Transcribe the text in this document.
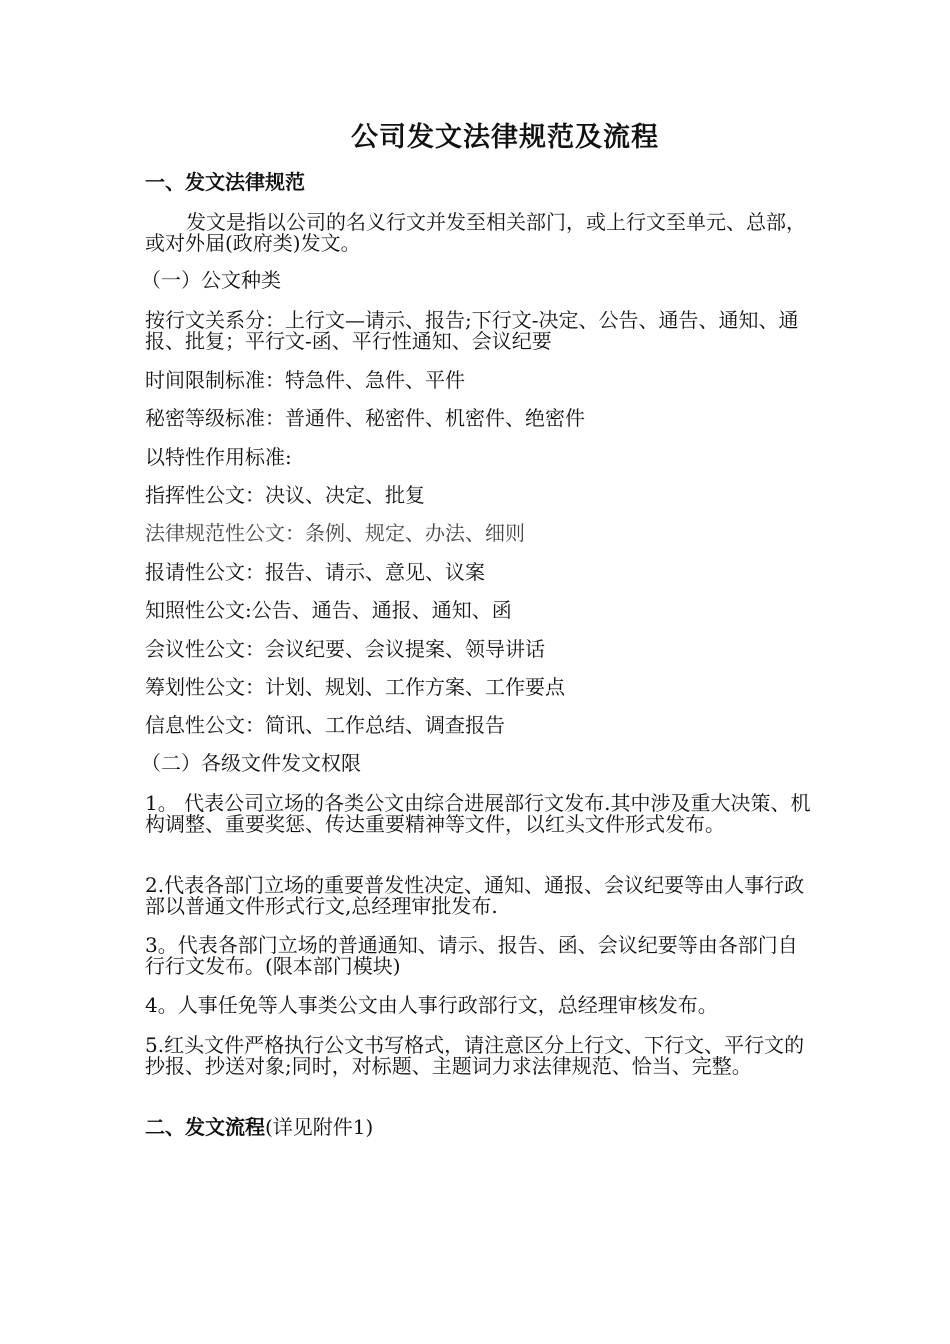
公司发文法律规范及流程

一、发文法律规范

发文是指以公司的名义行文并发至相关部门，或上行文至单元、总部，或对外届(政府类)发文。

（一）公文种类

按行文关系分：上行文—请示、报告;下行文-决定、公告、通告、通知、通报、批复；平行文-函、平行性通知、会议纪要

时间限制标准：特急件、急件、平件

秘密等级标准：普通件、秘密件、机密件、绝密件

以特性作用标准:

指挥性公文：决议、决定、批复

法律规范性公文：条例、规定、办法、细则

报请性公文：报告、请示、意见、议案

知照性公文:公告、通告、通报、通知、函

会议性公文：会议纪要、会议提案、领导讲话

筹划性公文：计划、规划、工作方案、工作要点

信息性公文：简讯、工作总结、调查报告

（二）各级文件发文权限

1。 代表公司立场的各类公文由综合进展部行文发布.其中涉及重大决策、机构调整、重要奖惩、传达重要精神等文件，以红头文件形式发布。

2.代表各部门立场的重要普发性决定、通知、通报、会议纪要等由人事行政部以普通文件形式行文,总经理审批发布.

3。代表各部门立场的普通通知、请示、报告、函、会议纪要等由各部门自行行文发布。(限本部门模块)

4。人事任免等人事类公文由人事行政部行文，总经理审核发布。

5.红头文件严格执行公文书写格式，请注意区分上行文、下行文、平行文的抄报、抄送对象;同时，对标题、主题词力求法律规范、恰当、完整。

二、发文流程(详见附件1)
